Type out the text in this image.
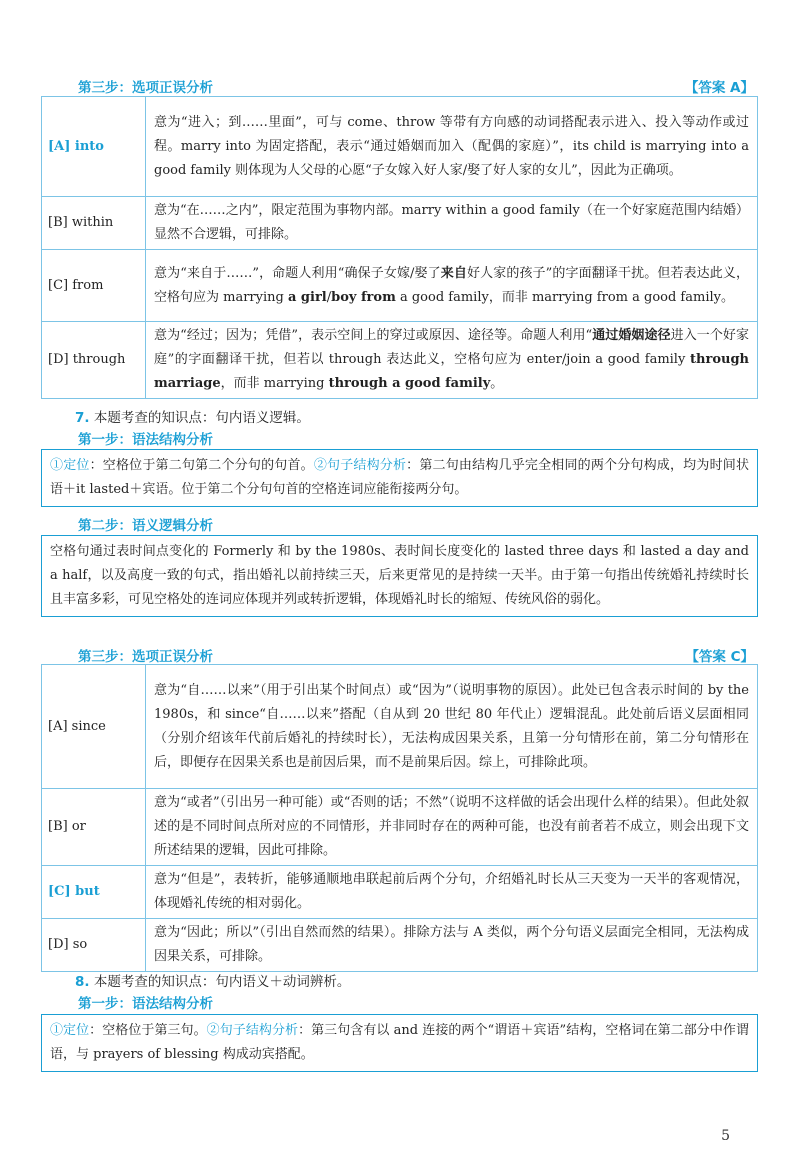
第三步：选项正误分析	【答案 A】
[A] into	意为“进入；到……里面”，可与 come、throw 等带有方向感的动词搭配表示进入、投入等动作或过程。marry into 为固定搭配，表示“通过婚姻而加入（配偶的家庭）”，its child is marrying into a good family 则体现为人父母的心愿“子女嫁入好人家/娶了好人家的女儿”，因此为正确项。
[B] within	意为“在……之内”，限定范围为事物内部。marry within a good family（在一个好家庭范围内结婚）显然不合逻辑，可排除。
[C] from	意为“来自于……”，命题人利用“确保子女嫁/娶了来自好人家的孩子”的字面翻译干扰。但若表达此义，空格句应为 marrying a girl/boy from a good family，而非 marrying from a good family。
[D] through	意为“经过；因为；凭借”，表示空间上的穿过或原因、途径等。命题人利用“通过婚姻途径进入一个好家庭”的字面翻译干扰，但若以 through 表达此义，空格句应为 enter/join a good family through marriage，而非 marrying through a good family。
7. 本题考查的知识点：句内语义逻辑。
第一步：语法结构分析
①定位：空格位于第二句第二个分句的句首。②句子结构分析：第二句由结构几乎完全相同的两个分句构成，均为时间状语＋it lasted＋宾语。位于第二个分句句首的空格连词应能衔接两分句。
第二步：语义逻辑分析
空格句通过表时间点变化的 Formerly 和 by the 1980s、表时间长度变化的 lasted three days 和 lasted a day and a half，以及高度一致的句式，指出婚礼以前持续三天，后来更常见的是持续一天半。由于第一句指出传统婚礼持续时长且丰富多彩，可见空格处的连词应体现并列或转折逻辑，体现婚礼时长的缩短、传统风俗的弱化。
第三步：选项正误分析	【答案 C】
[A] since	意为“自……以来”（用于引出某个时间点）或“因为”（说明事物的原因）。此处已包含表示时间的 by the 1980s，和 since“自……以来”搭配（自从到 20 世纪 80 年代止）逻辑混乱。此处前后语义层面相同（分别介绍该年代前后婚礼的持续时长），无法构成因果关系，且第一分句情形在前，第二分句情形在后，即便存在因果关系也是前因后果，而不是前果后因。综上，可排除此项。
[B] or	意为“或者”（引出另一种可能）或“否则的话；不然”（说明不这样做的话会出现什么样的结果）。但此处叙述的是不同时间点所对应的不同情形，并非同时存在的两种可能，也没有前者若不成立，则会出现下文所述结果的逻辑，因此可排除。
[C] but	意为“但是”，表转折，能够通顺地串联起前后两个分句，介绍婚礼时长从三天变为一天半的客观情况，体现婚礼传统的相对弱化。
[D] so	意为“因此；所以”（引出自然而然的结果）。排除方法与 A 类似，两个分句语义层面完全相同，无法构成因果关系，可排除。
8. 本题考查的知识点：句内语义＋动词辨析。
第一步：语法结构分析
①定位：空格位于第三句。②句子结构分析：第三句含有以 and 连接的两个“谓语＋宾语”结构，空格词在第二部分中作谓语，与 prayers of blessing 构成动宾搭配。
5
